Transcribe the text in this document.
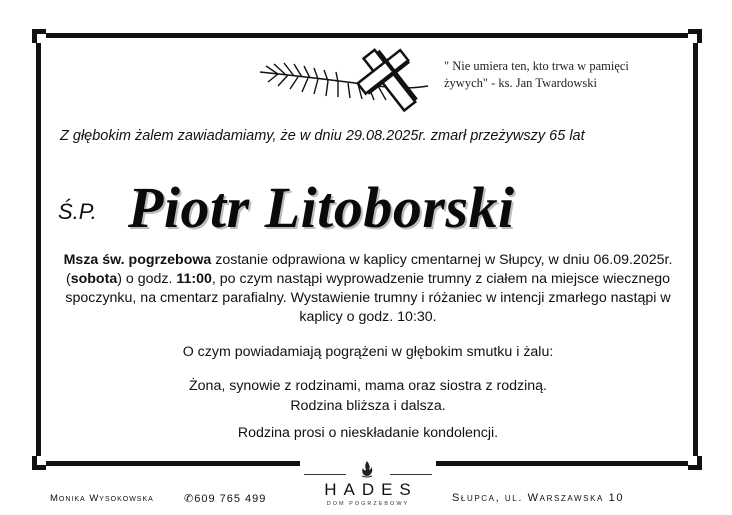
" Nie umiera ten, kto trwa w pamięci
żywych" - ks. Jan Twardowski
Z głębokim żalem zawiadamiamy, że w dniu 29.08.2025r. zmarł przeżywszy 65 lat
Ś.P. Piotr Litoborski
Msza św. pogrzebowa zostanie odprawiona w kaplicy cmentarnej w Słupcy, w dniu 06.09.2025r. (sobota) o godz. 11:00, po czym nastąpi wyprowadzenie trumny z ciałem na miejsce wiecznego spoczynku, na cmentarz parafialny. Wystawienie trumny i różaniec w intencji zmarłego nastąpi w kaplicy o godz. 10:30.
O czym powiadamiają pogrążeni w głębokim smutku i żalu:
Żona, synowie z rodzinami, mama oraz siostra z rodziną.
Rodzina bliższa i dalsza.
Rodzina prosi o nieskładanie kondolencji.
Monika Wysokowska	✆609 765 499	HADES
DOM POGRZEBOWY	Słupca, ul. Warszawska 10
